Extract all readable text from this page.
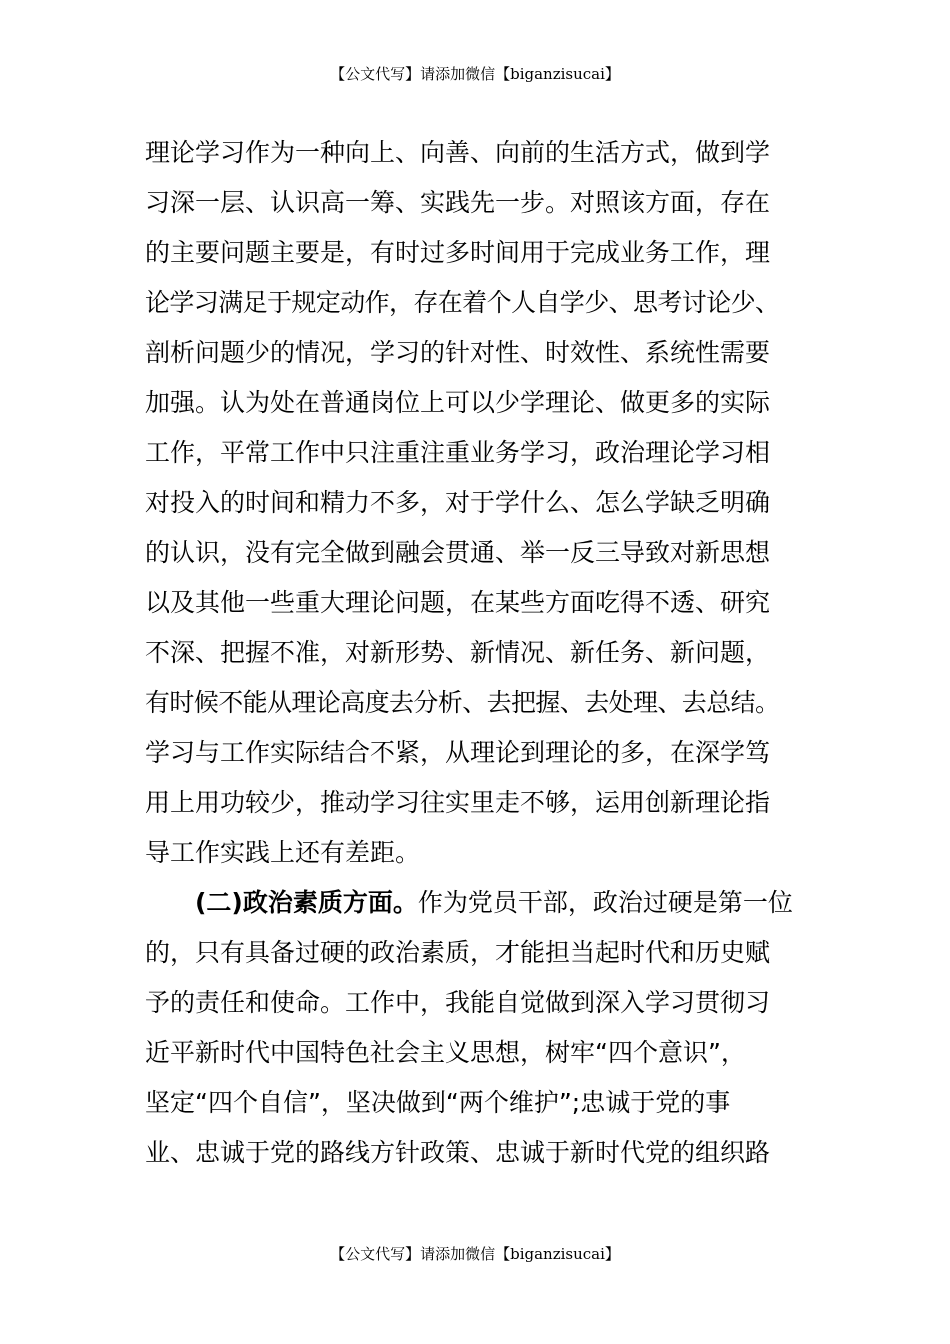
【公文代写】请添加微信【biganzisucai】
理论学习作为一种向上、向善、向前的生活方式，做到学
习深一层、认识高一筹、实践先一步。对照该方面，存在
的主要问题主要是，有时过多时间用于完成业务工作，理
论学习满足于规定动作，存在着个人自学少、思考讨论少、
剖析问题少的情况，学习的针对性、时效性、系统性需要
加强。认为处在普通岗位上可以少学理论、做更多的实际
工作，平常工作中只注重注重业务学习，政治理论学习相
对投入的时间和精力不多，对于学什么、怎么学缺乏明确
的认识，没有完全做到融会贯通、举一反三导致对新思想
以及其他一些重大理论问题，在某些方面吃得不透、研究
不深、把握不准，对新形势、新情况、新任务、新问题，
有时候不能从理论高度去分析、去把握、去处理、去总结。
学习与工作实际结合不紧，从理论到理论的多，在深学笃
用上用功较少，推动学习往实里走不够，运用创新理论指
导工作实践上还有差距。
(二)政治素质方面。作为党员干部，政治过硬是第一位
的，只有具备过硬的政治素质，才能担当起时代和历史赋
予的责任和使命。工作中，我能自觉做到深入学习贯彻习
近平新时代中国特色社会主义思想，树牢“四个意识”，
坚定“四个自信”，坚决做到“两个维护”;忠诚于党的事
业、忠诚于党的路线方针政策、忠诚于新时代党的组织路
【公文代写】请添加微信【biganzisucai】
